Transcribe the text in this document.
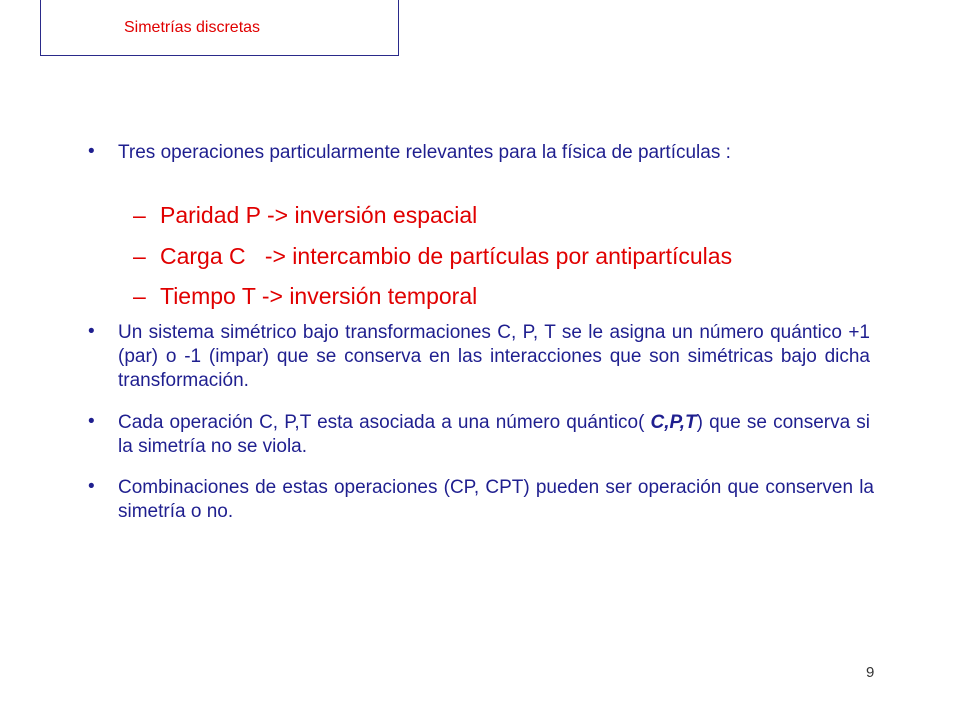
Simetrías discretas
• Tres operaciones particularmente relevantes para la física de partículas :
– Paridad P -> inversión espacial
– Carga C   -> intercambio de partículas por antipartículas
– Tiempo T -> inversión temporal
• Un sistema simétrico bajo transformaciones C, P, T se le asigna un número quántico +1 (par) o -1 (impar) que se conserva en las interacciones que son simétricas bajo dicha transformación.
• Cada operación C, P,T esta asociada a una número quántico( C,P,T) que se conserva si la simetría no se viola.
• Combinaciones de estas operaciones (CP, CPT) pueden ser operación que conserven la simetría o no.
9
